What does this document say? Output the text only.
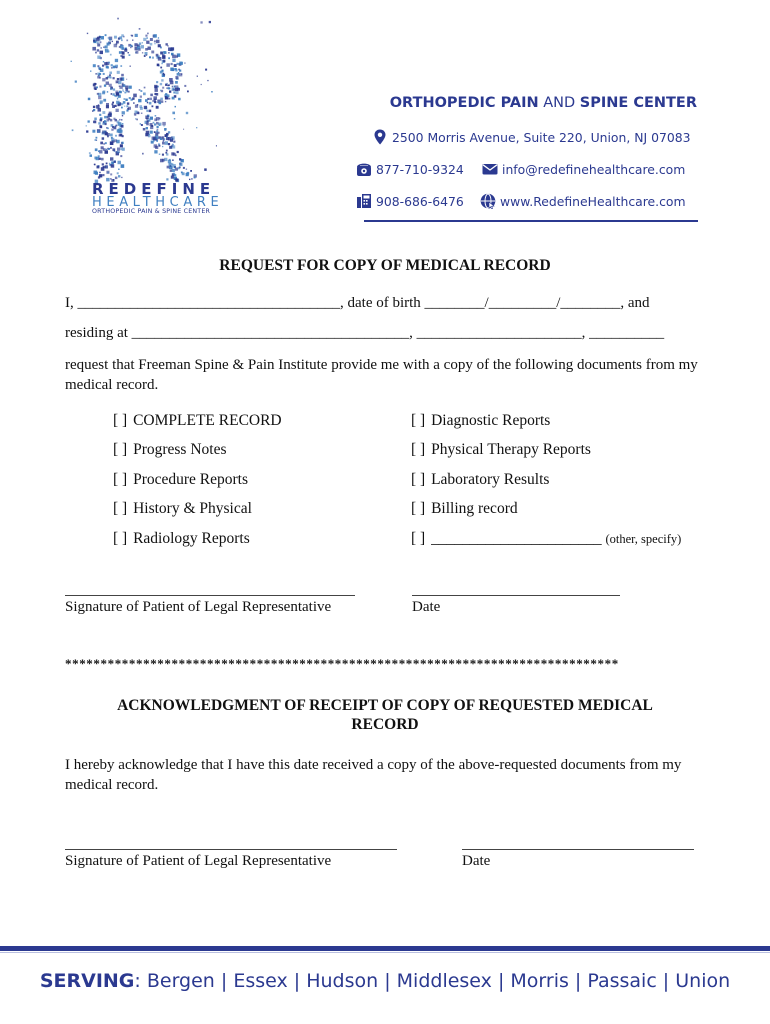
REDEFINE
HEALTHCARE
ORTHOPEDIC PAIN & SPINE CENTER
ORTHOPEDIC PAIN AND SPINE CENTER
2500 Morris Avenue, Suite 220, Union, NJ 07083
877-710-9324	info@redefinehealthcare.com
908-686-6476	www.RedefineHealthcare.com
REQUEST FOR COPY OF MEDICAL RECORD
I, ___________________________________, date of birth ________/_________/________, and
residing at _____________________________________, ______________________, __________
request that Freeman Spine & Pain Institute provide me with a copy of the following documents from my medical record.
[ ] COMPLETE RECORD
[ ] Progress Notes
[ ] Procedure Reports
[ ] History & Physical
[ ] Radiology Reports
[ ] Diagnostic Reports
[ ] Physical Therapy Reports
[ ] Laboratory Results
[ ] Billing record
[ ] ______________________ (other, specify)
Signature of Patient of Legal Representative	Date
******************************************************************************
ACKNOWLEDGMENT OF RECEIPT OF COPY OF REQUESTED MEDICAL
RECORD
I hereby acknowledge that I have this date received a copy of the above-requested documents from my medical record.
Signature of Patient of Legal Representative	Date
SERVING: Bergen | Essex | Hudson | Middlesex | Morris | Passaic | Union
